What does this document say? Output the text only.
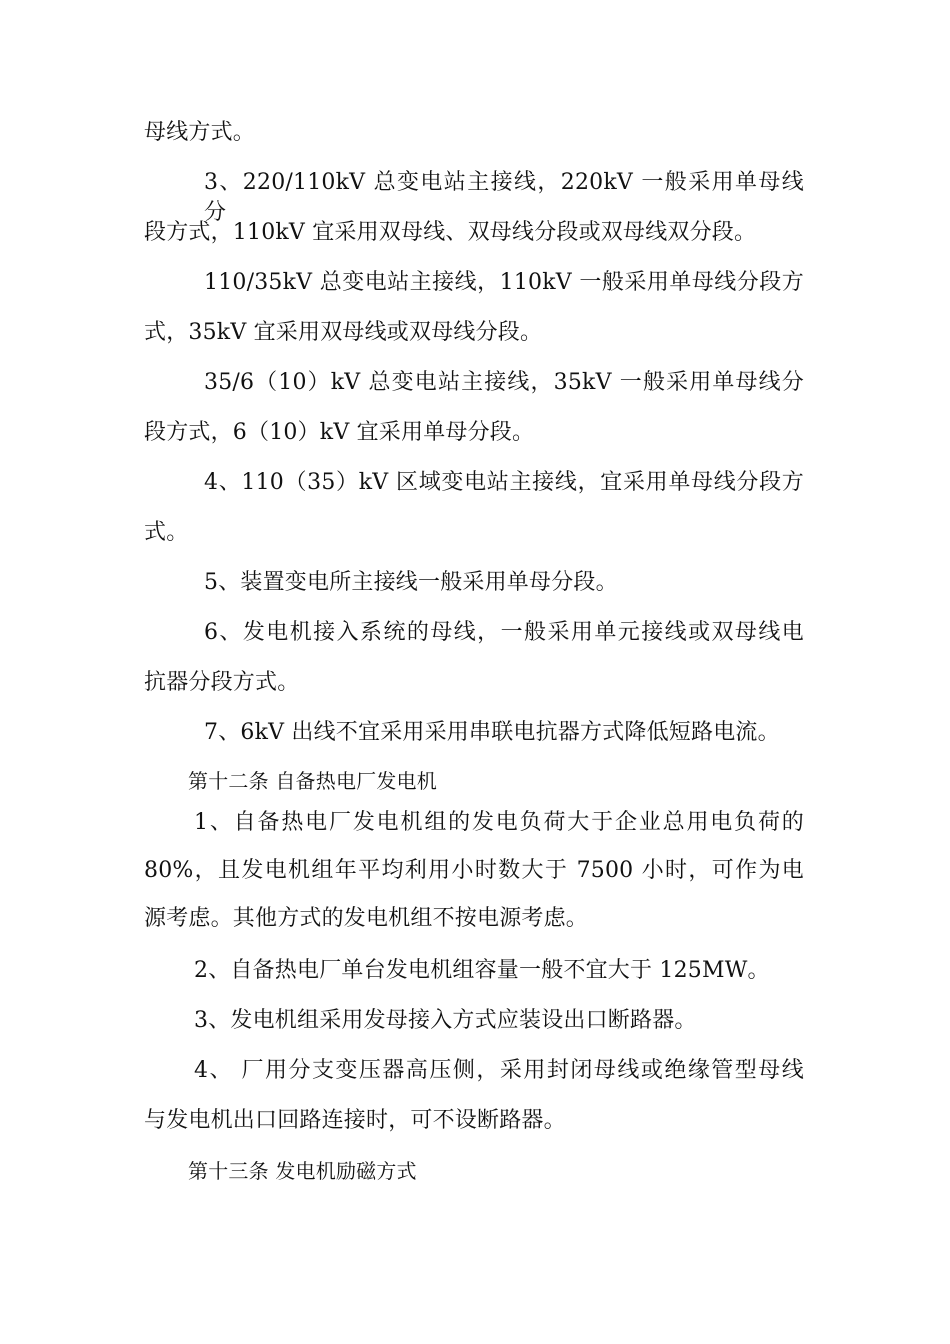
母线方式。
3、220/110kV 总变电站主接线，220kV 一般采用单母线分
段方式，110kV 宜采用双母线、双母线分段或双母线双分段。
110/35kV 总变电站主接线，110kV 一般采用单母线分段方
式，35kV 宜采用双母线或双母线分段。
35/6（10）kV 总变电站主接线，35kV 一般采用单母线分
段方式，6（10）kV 宜采用单母分段。
4、110（35）kV 区域变电站主接线，宜采用单母线分段方
式。
5、装置变电所主接线一般采用单母分段。
6、发电机接入系统的母线，一般采用单元接线或双母线电
抗器分段方式。
7、6kV 出线不宜采用采用串联电抗器方式降低短路电流。
第十二条 自备热电厂发电机
1、自备热电厂发电机组的发电负荷大于企业总用电负荷的
80%，且发电机组年平均利用小时数大于 7500 小时，可作为电
源考虑。其他方式的发电机组不按电源考虑。
2、自备热电厂单台发电机组容量一般不宜大于 125MW。
3、发电机组采用发母接入方式应装设出口断路器。
4、 厂用分支变压器高压侧，采用封闭母线或绝缘管型母线
与发电机出口回路连接时，可不设断路器。
第十三条 发电机励磁方式
